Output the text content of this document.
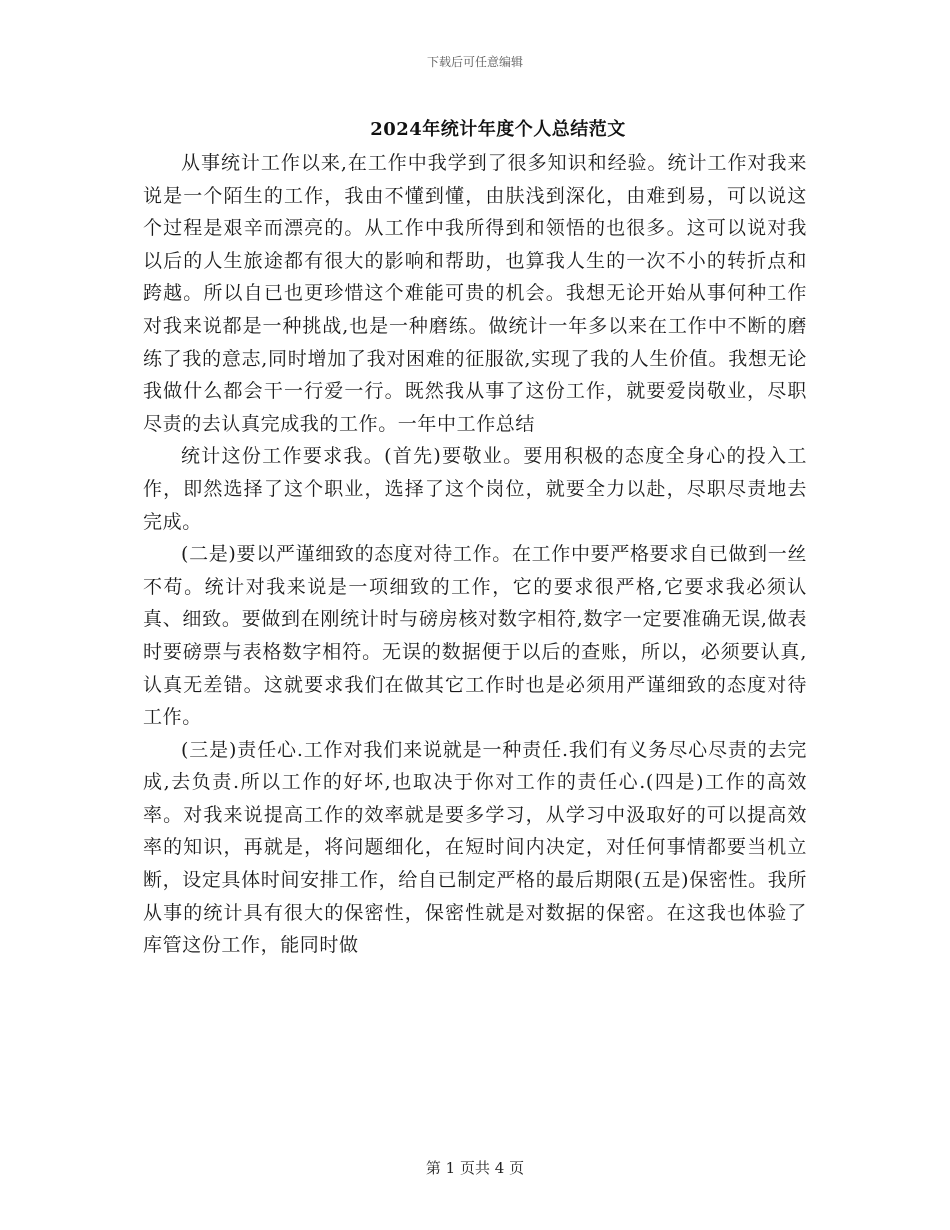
下载后可任意编辑
2024年统计年度个人总结范文

从事统计工作以来,在工作中我学到了很多知识和经验。统计工作对我来说是一个陌生的工作，我由不懂到懂，由肤浅到深化，由难到易，可以说这个过程是艰辛而漂亮的。从工作中我所得到和领悟的也很多。这可以说对我以后的人生旅途都有很大的影响和帮助，也算我人生的一次不小的转折点和跨越。所以自已也更珍惜这个难能可贵的机会。我想无论开始从事何种工作对我来说都是一种挑战,也是一种磨练。做统计一年多以来在工作中不断的磨练了我的意志,同时增加了我对困难的征服欲,实现了我的人生价值。我想无论我做什么都会干一行爱一行。既然我从事了这份工作，就要爱岗敬业，尽职尽责的去认真完成我的工作。一年中工作总结

统计这份工作要求我。(首先)要敬业。要用积极的态度全身心的投入工作，即然选择了这个职业，选择了这个岗位，就要全力以赴，尽职尽责地去完成。

(二是)要以严谨细致的态度对待工作。在工作中要严格要求自已做到一丝不苟。统计对我来说是一项细致的工作，它的要求很严格,它要求我必须认真、细致。要做到在刚统计时与磅房核对数字相符,数字一定要准确无误,做表时要磅票与表格数字相符。无误的数据便于以后的查账，所以，必须要认真,认真无差错。这就要求我们在做其它工作时也是必须用严谨细致的态度对待工作。

(三是)责任心.工作对我们来说就是一种责任.我们有义务尽心尽责的去完成,去负责.所以工作的好坏,也取决于你对工作的责任心.(四是)工作的高效率。对我来说提高工作的效率就是要多学习，从学习中汲取好的可以提高效率的知识，再就是，将问题细化，在短时间内决定，对任何事情都要当机立断，设定具体时间安排工作，给自已制定严格的最后期限(五是)保密性。我所从事的统计具有很大的保密性，保密性就是对数据的保密。在这我也体验了库管这份工作，能同时做

第 1 页共 4 页
